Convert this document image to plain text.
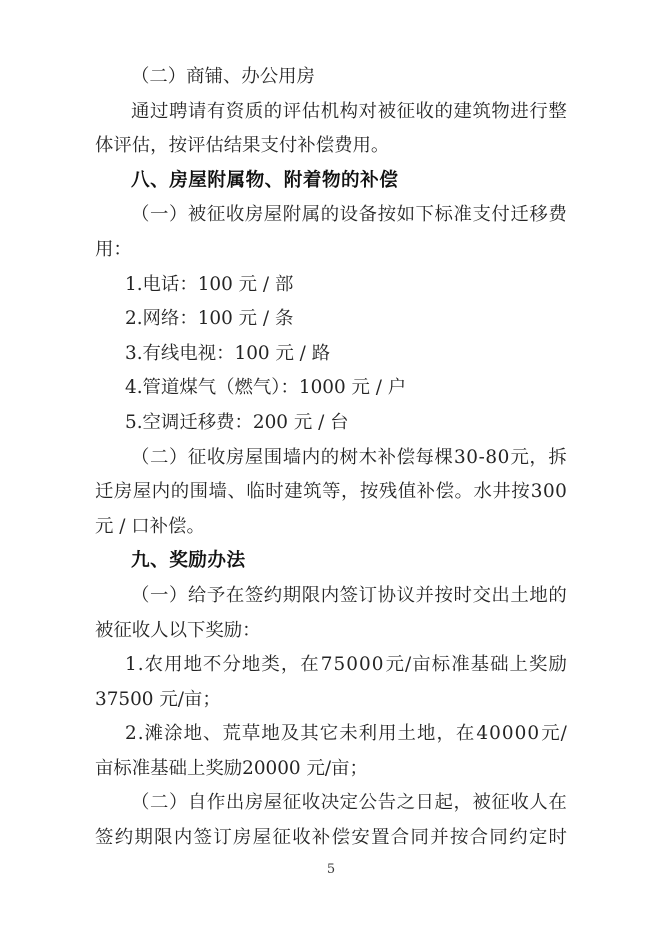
（二）商铺、办公用房
通 过 聘 请 有 资 质 的 评 估 机 构 对 被 征 收 的 建 筑 物 进 行 整
体评估，按评估结果支付补偿费用。
八、房屋附属物、附着物的补偿
（ 一 ） 被 征 收 房 屋 附 属 的 设 备 按 如 下 标 准 支 付 迁 移 费
用：
1.电话：100 元 / 部
2.网络：100 元 / 条
3.有线电视：100 元 / 路
4.管道煤气（燃气）：1000 元 / 户
5.空调迁移费：200 元 / 台
（ 二 ） 征 收 房 屋 围 墙 内 的 树 木 补 偿 每 棵 3 0 - 8 0 元 ， 拆
迁 房 屋 内 的 围 墙 、 临 时 建 筑 等 ， 按 残 值 补 偿 。 水 井 按 3 0 0
元 / 口补偿。
九、奖励办法
（ 一 ） 给 予 在 签 约 期 限 内 签 订 协 议 并 按 时 交 出 土 地 的
被征收人以下奖励：
1 . 农 用 地 不 分 地 类 ， 在 7 5 0 0 0 元 / 亩 标 准 基 础 上 奖 励
37500 元/亩；
2 . 滩 涂 地 、 荒 草 地 及 其 它 未 利 用 土 地 ， 在 4 0 0 0 0 元 /
亩标准基础上奖励20000 元/亩；
（ 二 ） 自 作 出 房 屋 征 收 决 定 公 告 之 日 起 ， 被 征 收 人 在
签 约 期 限 内 签 订 房 屋 征 收 补 偿 安 置 合 同 并 按 合 同 约 定 时
5
